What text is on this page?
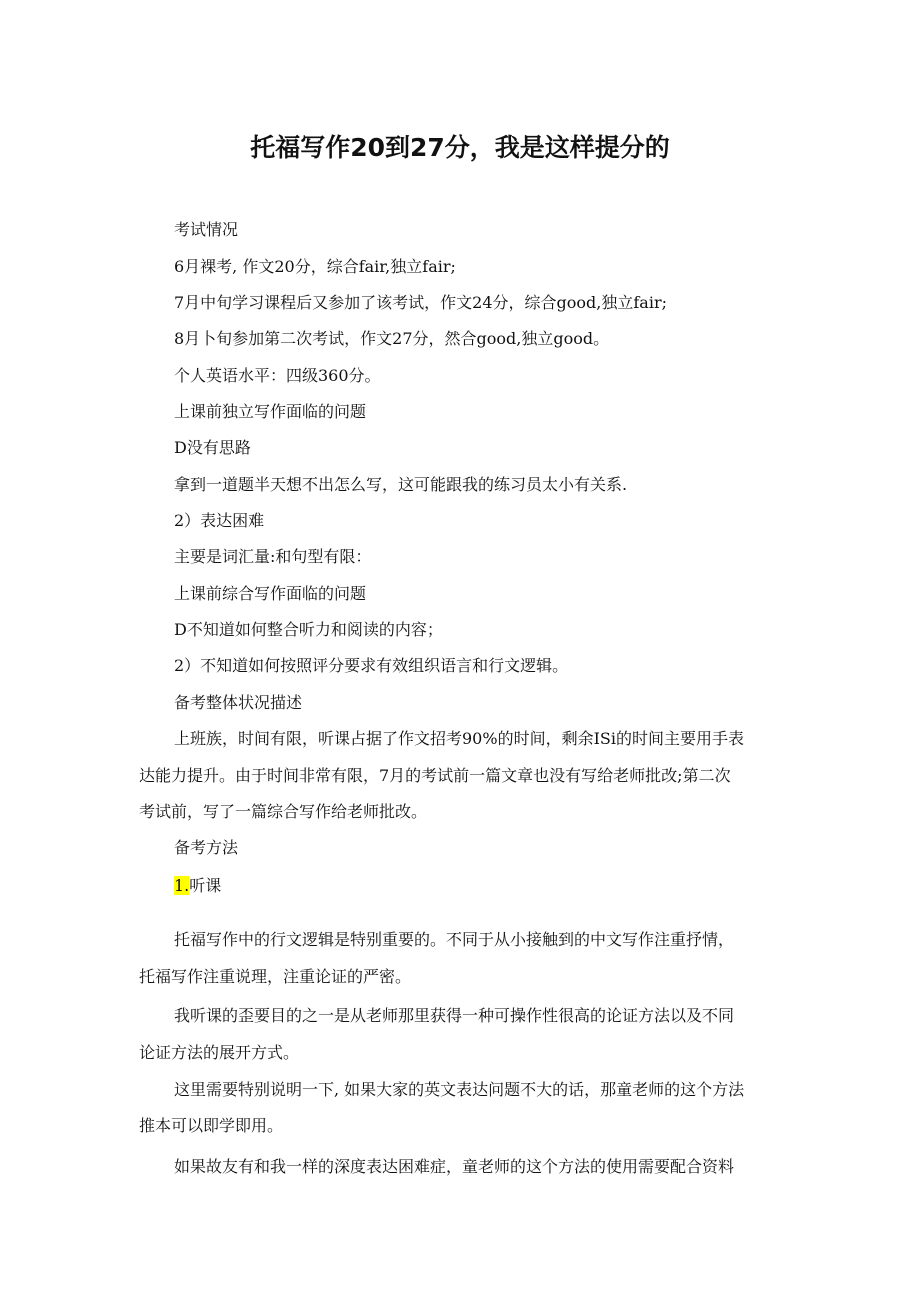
托福写作20到27分，我是这样提分的

考试情况

6月裸考, 作文20分，综合fair,独立fair;

7月中旬学习课程后又参加了该考试，作文24分，综合good,独立fair;

8月卜旬参加第二次考试，作文27分，然合good,独立good。

个人英语水平：四级360分。

上课前独立写作面临的问题

D没有思路

拿到一道题半天想不出怎么写，这可能跟我的练习员太小有关系.

2）表达困难

主要是词汇量:和句型有限：

上课前综合写作面临的问题

D不知道如何整合听力和阅读的内容；

2）不知道如何按照评分要求有效组织语言和行文逻辑。

备考整体状况描述

上班族，时间有限，听课占据了作文招考90%的时间，剩余ISi的时间主要用手表

达能力提升。由于时间非常有限，7月的考试前一篇文章也没有写给老师批改;第二次

考试前，写了一篇综合写作给老师批改。

备考方法

1.听课

托福写作中的行文逻辑是特别重要的。不同于从小接触到的中文写作注重抒情，

托福写作注重说理，注重论证的严密。

我听课的歪要目的之一是从老师那里获得一种可操作性很高的论证方法以及不同

论证方法的展开方式。

这里需要特别说明一下, 如果大家的英文表达问题不大的话，那童老师的这个方法

推本可以即学即用。

如果故友有和我一样的深度表达困难症，童老师的这个方法的使用需要配合资料
